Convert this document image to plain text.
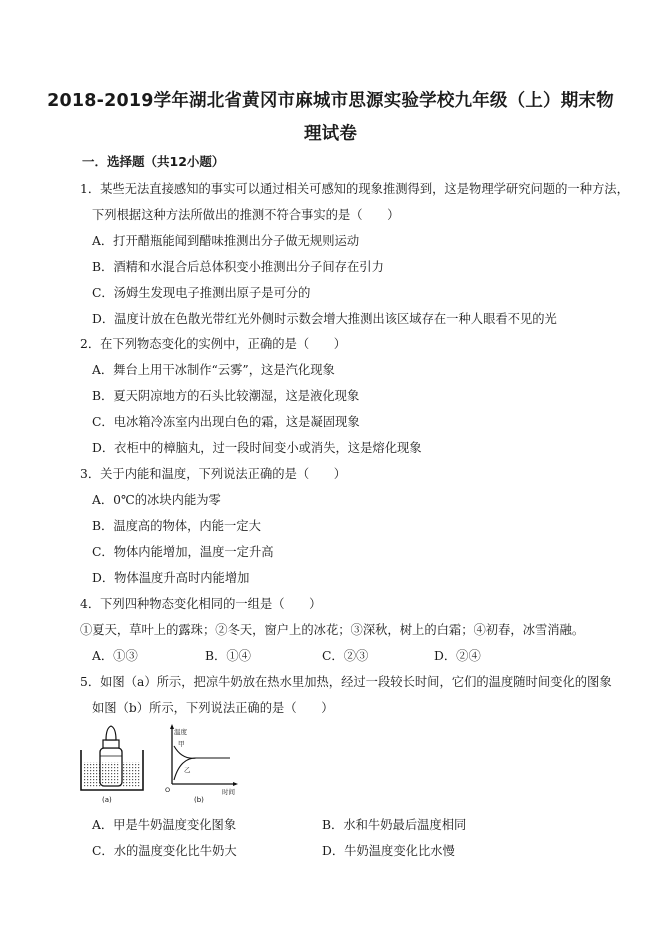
2018-2019学年湖北省黄冈市麻城市思源实验学校九年级（上）期末物
理试卷
一．选择题（共12小题）
1．某些无法直接感知的事实可以通过相关可感知的现象推测得到，这是物理学研究问题的一种方法，
下列根据这种方法所做出的推测不符合事实的是（　　）
A．打开醋瓶能闻到醋味推测出分子做无规则运动
B．酒精和水混合后总体积变小推测出分子间存在引力
C．汤姆生发现电子推测出原子是可分的
D．温度计放在色散光带红光外侧时示数会增大推测出该区域存在一种人眼看不见的光
2．在下列物态变化的实例中，正确的是（　　）
A．舞台上用干冰制作“云雾”，这是汽化现象
B．夏天阴凉地方的石头比较潮湿，这是液化现象
C．电冰箱冷冻室内出现白色的霜，这是凝固现象
D．衣柜中的樟脑丸，过一段时间变小或消失，这是熔化现象
3．关于内能和温度，下列说法正确的是（　　）
A．0℃的冰块内能为零
B．温度高的物体，内能一定大
C．物体内能增加，温度一定升高
D．物体温度升高时内能增加
4．下列四种物态变化相同的一组是（　　）
①夏天，草叶上的露珠；②冬天，窗户上的冰花；③深秋，树上的白霜；④初春，冰雪消融。
A．①③	B．①④	C．②③	D．②④
5．如图（a）所示，把凉牛奶放在热水里加热，经过一段较长时间，它们的温度随时间变化的图象
如图（b）所示，下列说法正确的是（　　）
(a)
温度
甲
乙
O	时间
(b)
A．甲是牛奶温度变化图象	B．水和牛奶最后温度相同
C．水的温度变化比牛奶大	D．牛奶温度变化比水慢
